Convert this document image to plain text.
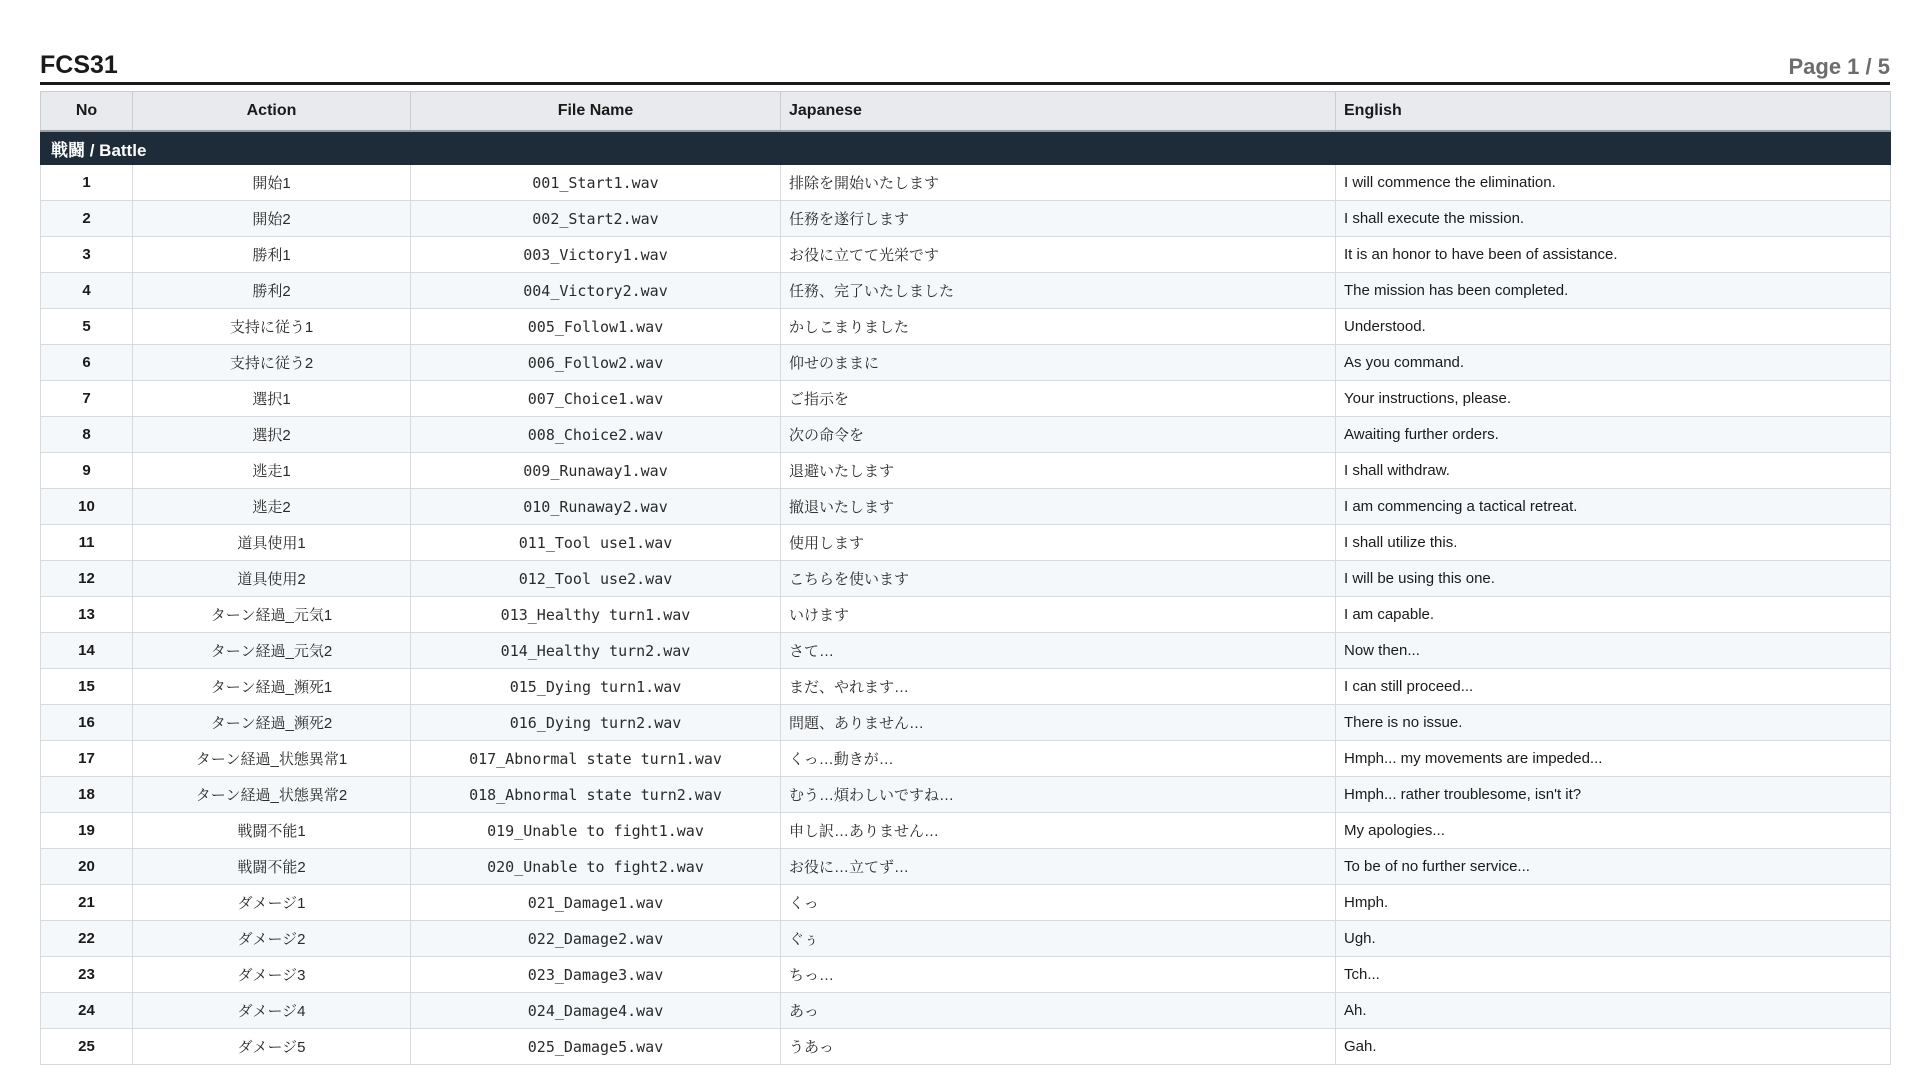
FCS31	Page 1 / 5
No	Action	File Name	Japanese	English
戦闘 / Battle				
1	開始1	001_Start1.wav	排除を開始いたします	I will commence the elimination.
2	開始2	002_Start2.wav	任務を遂行します	I shall execute the mission.
3	勝利1	003_Victory1.wav	お役に立てて光栄です	It is an honor to have been of assistance.
4	勝利2	004_Victory2.wav	任務、完了いたしました	The mission has been completed.
5	支持に従う1	005_Follow1.wav	かしこまりました	Understood.
6	支持に従う2	006_Follow2.wav	仰せのままに	As you command.
7	選択1	007_Choice1.wav	ご指示を	Your instructions, please.
8	選択2	008_Choice2.wav	次の命令を	Awaiting further orders.
9	逃走1	009_Runaway1.wav	退避いたします	I shall withdraw.
10	逃走2	010_Runaway2.wav	撤退いたします	I am commencing a tactical retreat.
11	道具使用1	011_Tool use1.wav	使用します	I shall utilize this.
12	道具使用2	012_Tool use2.wav	こちらを使います	I will be using this one.
13	ターン経過_元気1	013_Healthy turn1.wav	いけます	I am capable.
14	ターン経過_元気2	014_Healthy turn2.wav	さて…	Now then...
15	ターン経過_瀕死1	015_Dying turn1.wav	まだ、やれます…	I can still proceed...
16	ターン経過_瀕死2	016_Dying turn2.wav	問題、ありません…	There is no issue.
17	ターン経過_状態異常1	017_Abnormal state turn1.wav	くっ…動きが…	Hmph... my movements are impeded...
18	ターン経過_状態異常2	018_Abnormal state turn2.wav	むう…煩わしいですね…	Hmph... rather troublesome, isn't it?
19	戦闘不能1	019_Unable to fight1.wav	申し訳…ありません…	My apologies...
20	戦闘不能2	020_Unable to fight2.wav	お役に…立てず…	To be of no further service...
21	ダメージ1	021_Damage1.wav	くっ	Hmph.
22	ダメージ2	022_Damage2.wav	ぐぅ	Ugh.
23	ダメージ3	023_Damage3.wav	ちっ…	Tch...
24	ダメージ4	024_Damage4.wav	あっ	Ah.
25	ダメージ5	025_Damage5.wav	うあっ	Gah.
